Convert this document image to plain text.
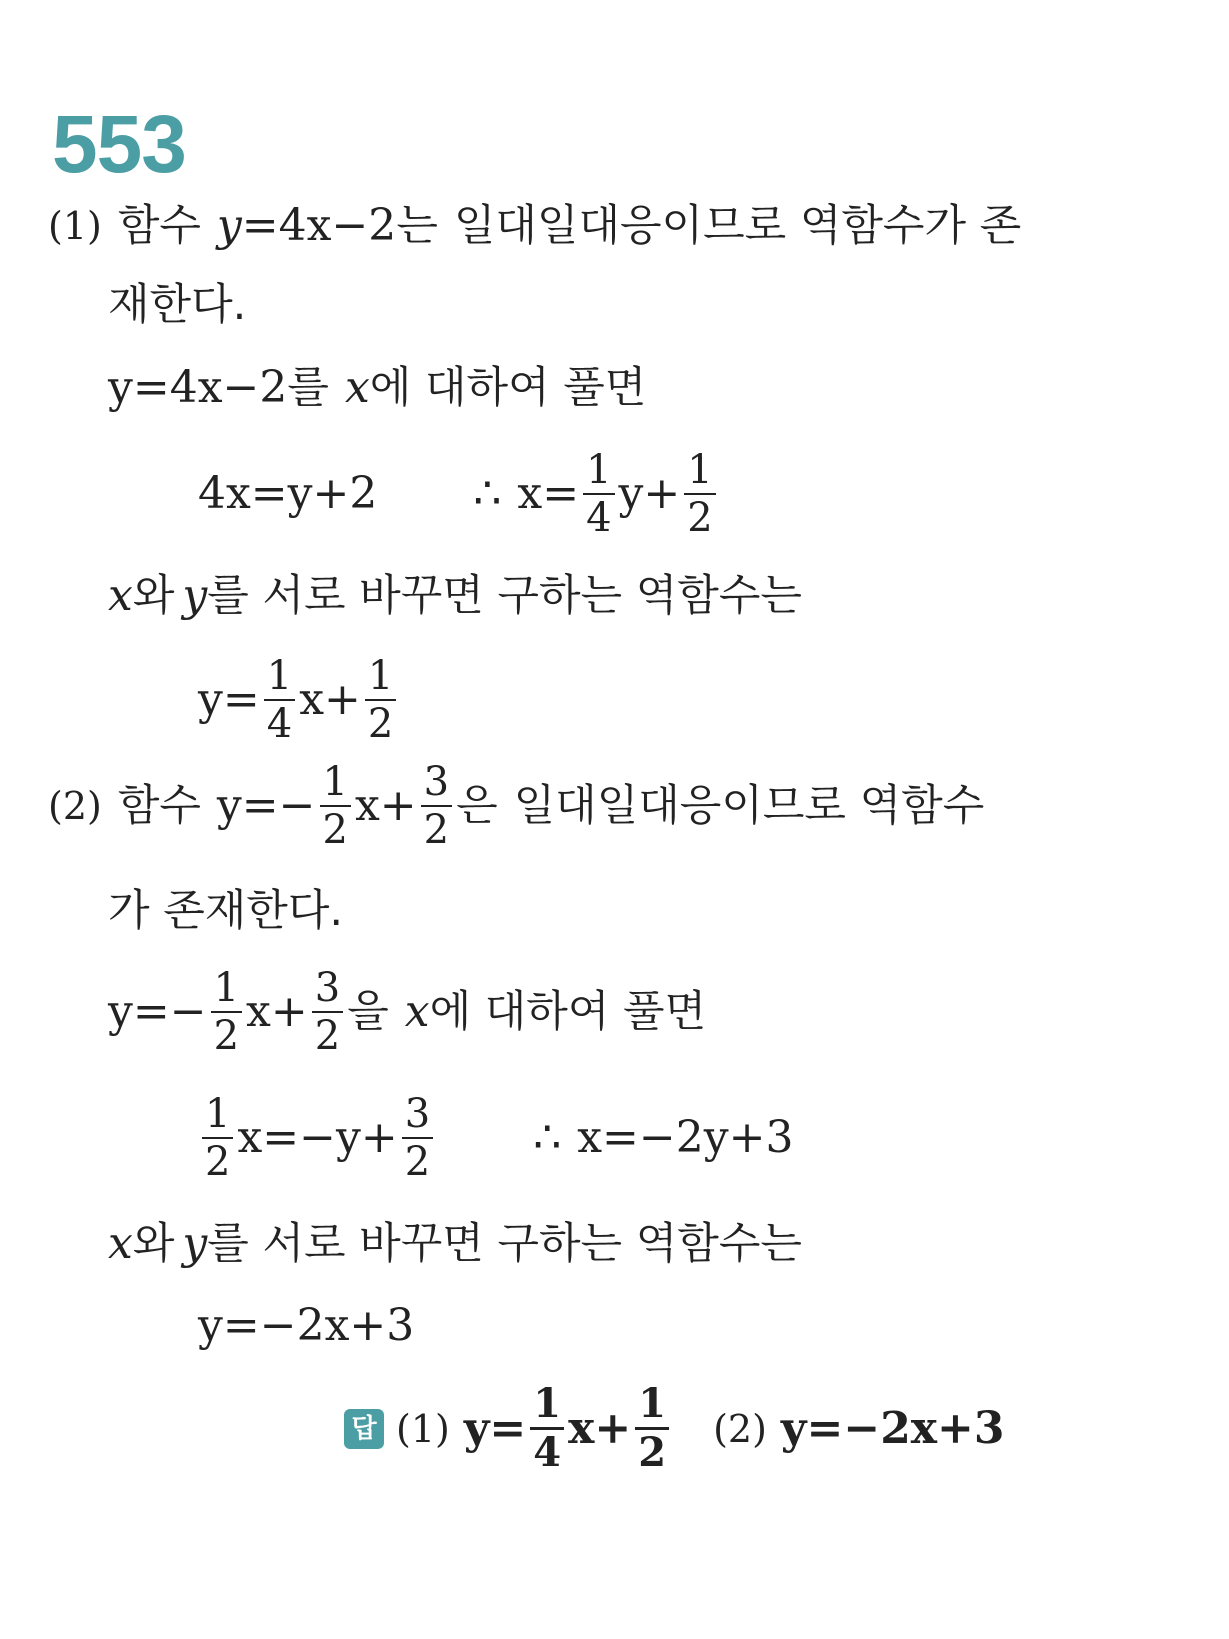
553
(1) 함수 y =4x−2 는 일대일대응이므로 역함수가 존
재한다.
y=4x−2 를 x 에 대하여 풀면
4x=y+2 ∴ $x= \frac{1}{4} y+ \frac{1}{2}$
x 와 y 를 서로 바꾸면 구하는 역함수는
$y= \frac{1}{4} x+ \frac{1}{2}$
(2) 함수 $y=- \frac{1}{2} x+ \frac{3}{2}$ 은 일대일대응이므로 역함수
가 존재한다.
$y=- \frac{1}{2} x+ \frac{3}{2}$ 을 x 에 대하여 풀면
$\frac{1}{2} x=-y+ \frac{3}{2}$ ∴ x=−2y+3
x 와 y 를 서로 바꾸면 구하는 역함수는
y=−2x+3
답 (1) $y= \frac{1}{4} x+ \frac{1}{2} (2)$ y=−2x+3
